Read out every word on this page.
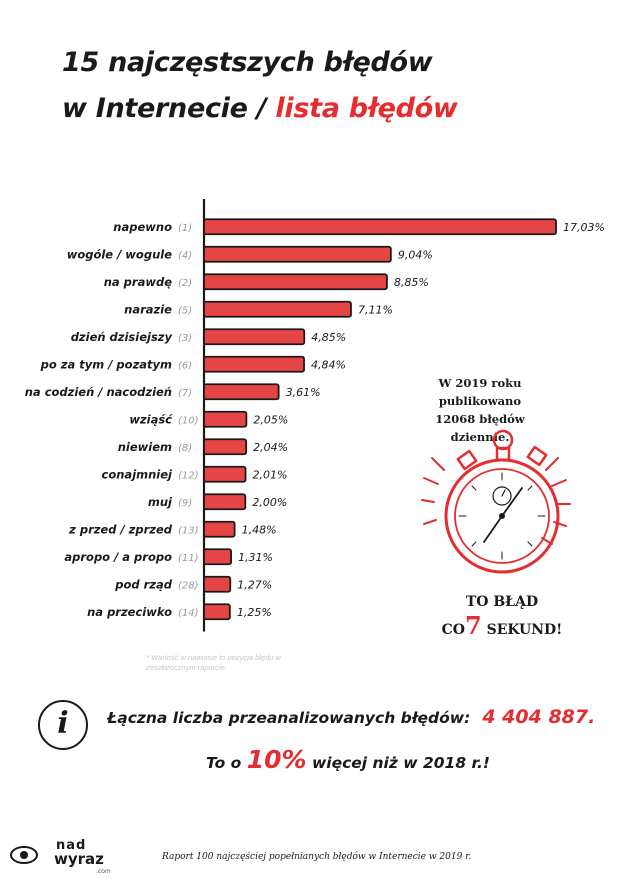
15 najczęstszych błędów
w Internecie / lista błędów
napewno (1)	17,03%
wogóle / wogule (4)	9,04%
na prawdę (2)	8,85%
narazie (5)	7,11%
dzień dzisiejszy (3)	4,85%
po za tym / pozatym (6)	4,84%
na codzień / nacodzień (7)	3,61%
wziąść (10)	2,05%
niewiem (8)	2,04%
conajmniej (12)	2,01%
muj (9)	2,00%
z przed / zprzed (13)	1,48%
apropo / a propo (11)	1,31%
pod rząd (28)	1,27%
na przeciwko (14)	1,25%
* Wartość w nawiasie to pozycja błędu w zeszłorocznym raporcie.
W 2019 roku publikowano
12068 błędów dziennie.
TO BŁĄD
CO7 SEKUND!
i	Łączna liczba przeanalizowanych błędów: 4 404 887.
To o 10% więcej niż w 2018 r.!
nad
wyraz
.com
Raport 100 najczęściej popełnianych błędów w Internecie w 2019 r.
